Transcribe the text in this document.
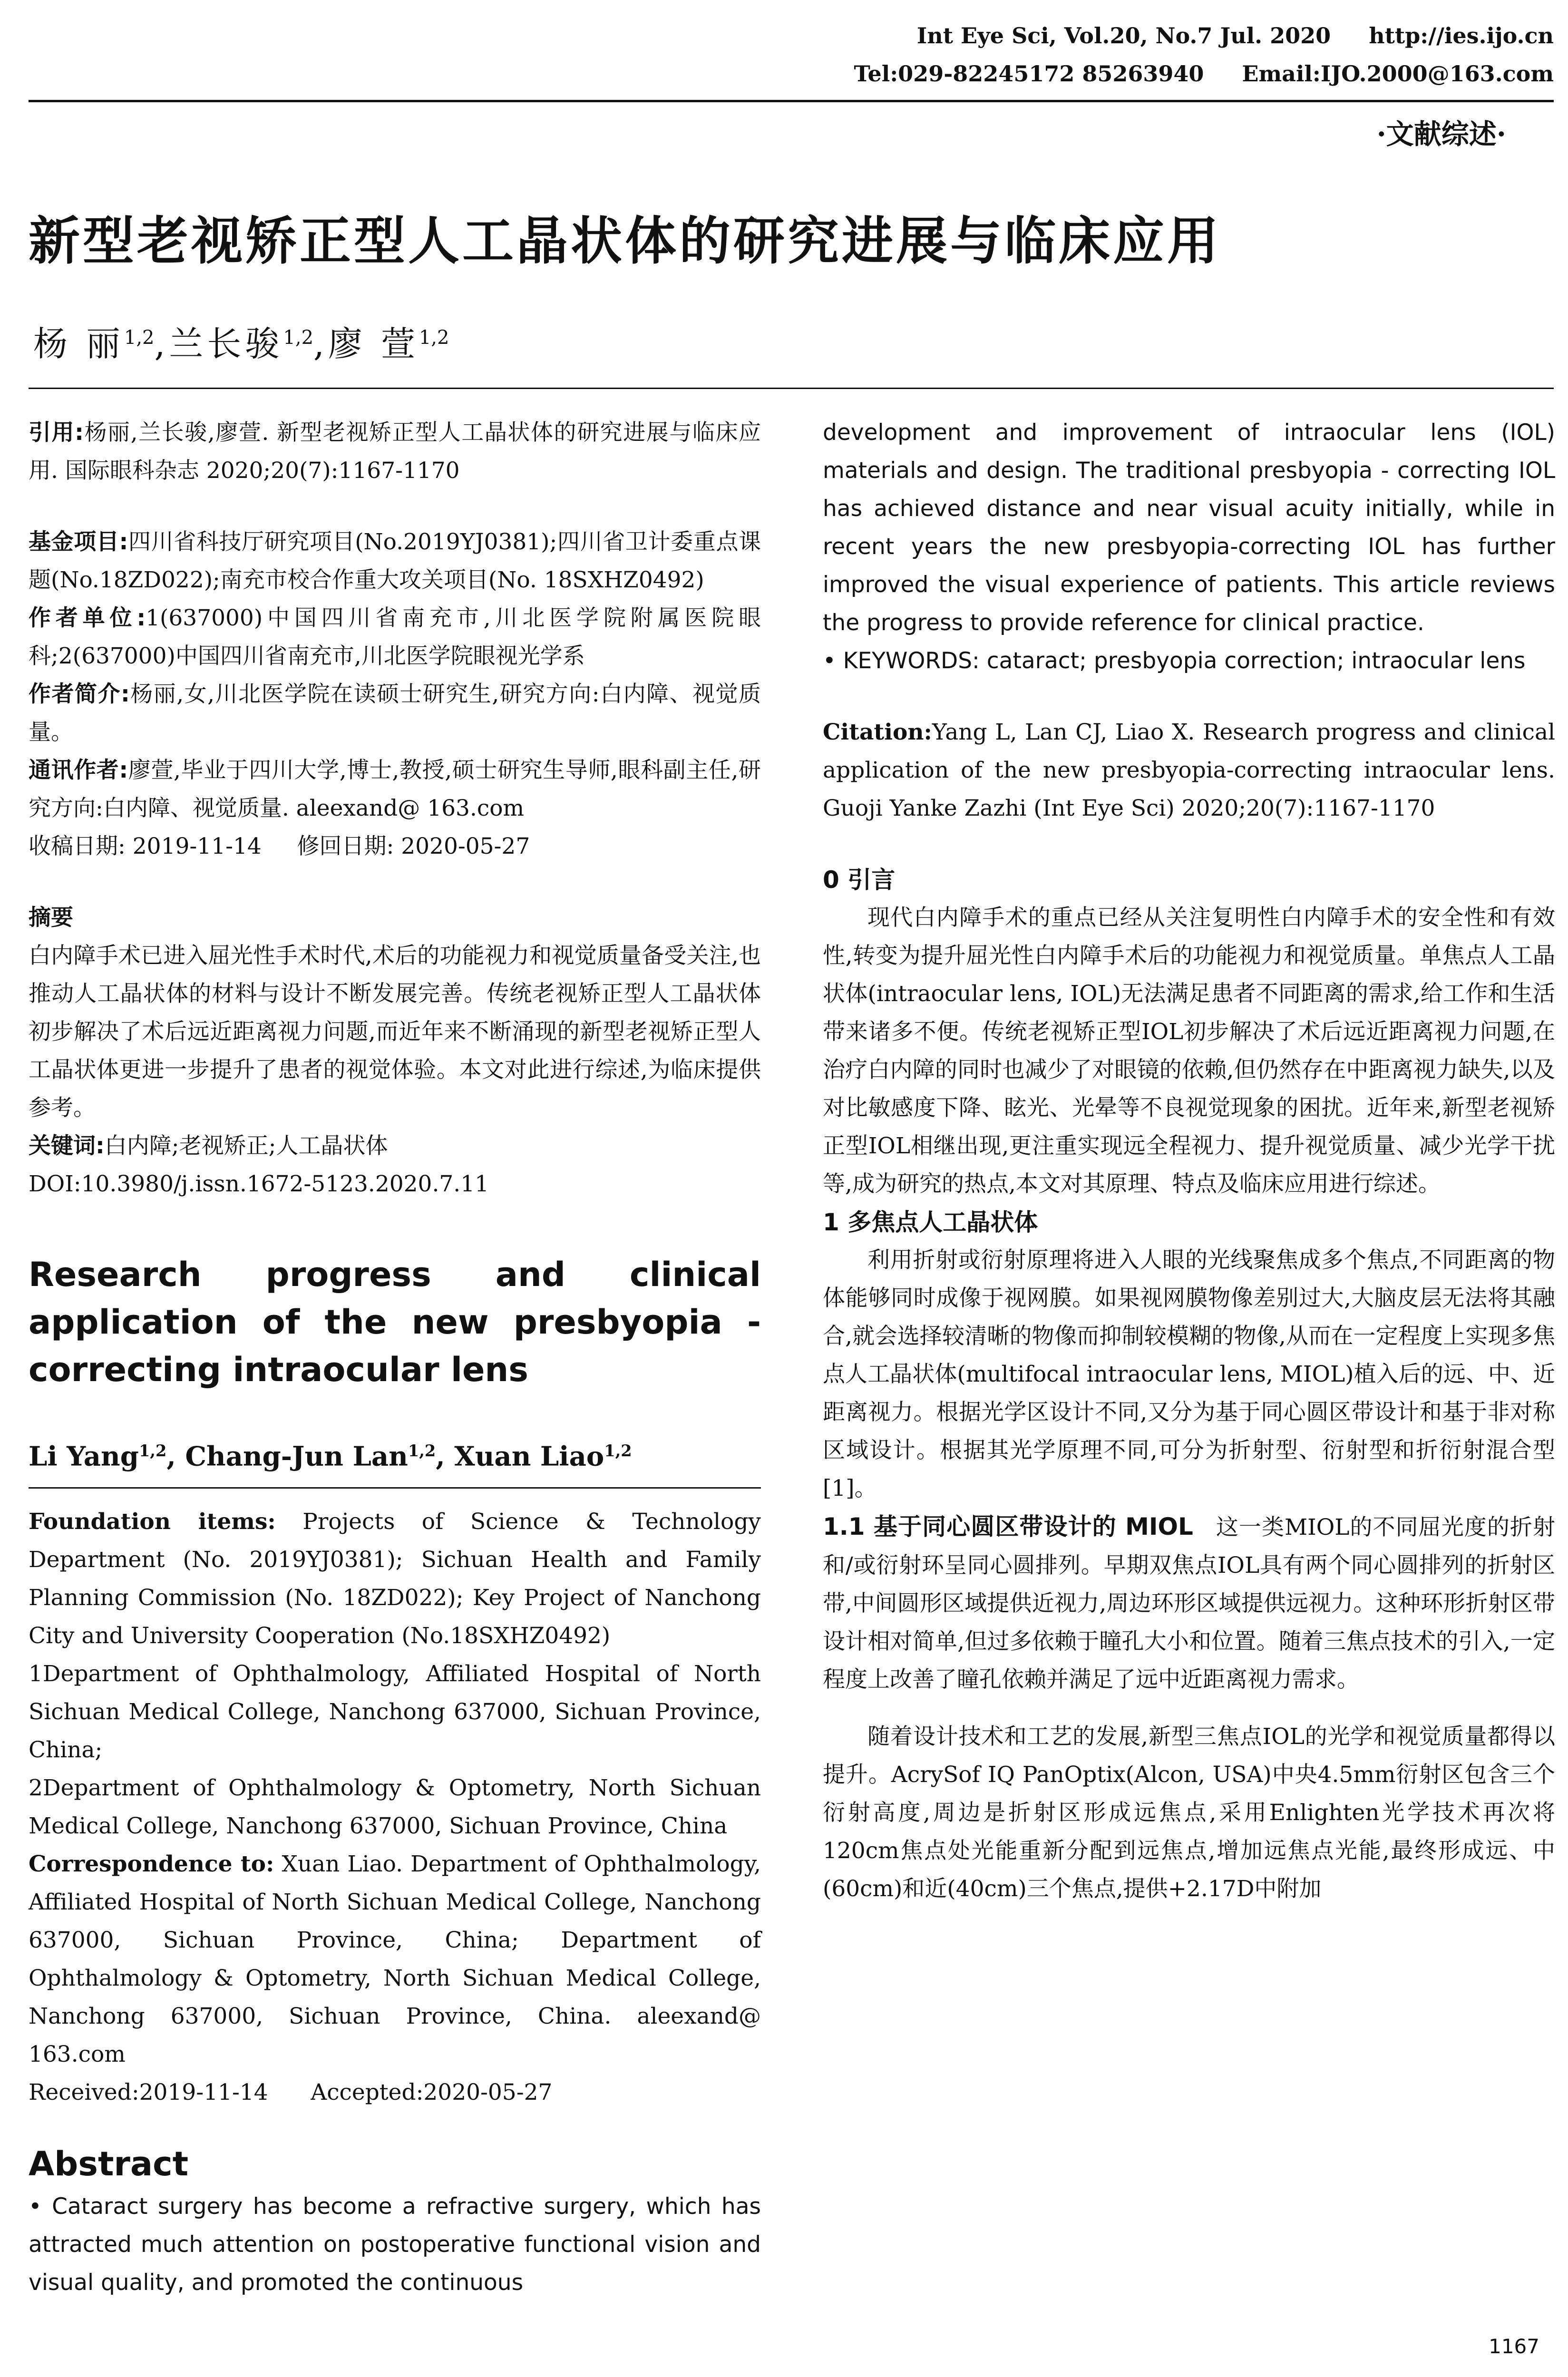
Int Eye Sci, Vol.20, No.7 Jul. 2020 http://ies.ijo.cn
Tel:029-82245172 85263940 Email:IJO.2000@163.com
·文献综述·
新型老视矫正型人工晶状体的研究进展与临床应用
杨 丽$^{1,2}$,兰长骏$^{1,2}$,廖 萱$^{1,2}$

引用:杨丽,兰长骏,廖萱. 新型老视矫正型人工晶状体的研究进展与临床应用. 国际眼科杂志 2020;20(7):1167-1170

基金项目:四川省科技厅研究项目(No.2019YJ0381);四川省卫计委重点课题(No.18ZD022);南充市校合作重大攻关项目(No. 18SXHZ0492)

作者单位:1(637000)中国四川省南充市,川北医学院附属医院眼科;2(637000)中国四川省南充市,川北医学院眼视光学系

作者简介:杨丽,女,川北医学院在读硕士研究生,研究方向:白内障、视觉质量。

通讯作者:廖萱,毕业于四川大学,博士,教授,硕士研究生导师,眼科副主任,研究方向:白内障、视觉质量. aleexand@ 163.com

收稿日期: 2019-11-14 修回日期: 2020-05-27

摘要

白内障手术已进入屈光性手术时代,术后的功能视力和视觉质量备受关注,也推动人工晶状体的材料与设计不断发展完善。传统老视矫正型人工晶状体初步解决了术后远近距离视力问题,而近年来不断涌现的新型老视矫正型人工晶状体更进一步提升了患者的视觉体验。本文对此进行综述,为临床提供参考。

关键词:白内障;老视矫正;人工晶状体

DOI:10.3980/j.issn.1672-5123.2020.7.11

Research progress and clinical application of the new presbyopia - correcting intraocular lens

Li Yang$^{1,2}$, Chang-Jun Lan$^{1,2}$, Xuan Liao$^{1,2}$

Foundation items: Projects of Science & Technology Department (No. 2019YJ0381); Sichuan Health and Family Planning Commission (No. 18ZD022); Key Project of Nanchong City and University Cooperation (No.18SXHZ0492)

1Department of Ophthalmology, Affiliated Hospital of North Sichuan Medical College, Nanchong 637000, Sichuan Province, China;

2Department of Ophthalmology & Optometry, North Sichuan Medical College, Nanchong 637000, Sichuan Province, China

Correspondence to: Xuan Liao. Department of Ophthalmology, Affiliated Hospital of North Sichuan Medical College, Nanchong 637000, Sichuan Province, China; Department of Ophthalmology & Optometry, North Sichuan Medical College, Nanchong 637000, Sichuan Province, China. aleexand@ 163.com

Received:2019-11-14 Accepted:2020-05-27

Abstract

• Cataract surgery has become a refractive surgery, which has attracted much attention on postoperative functional vision and visual quality, and promoted the continuous

development and improvement of intraocular lens (IOL) materials and design. The traditional presbyopia - correcting IOL has achieved distance and near visual acuity initially, while in recent years the new presbyopia-correcting IOL has further improved the visual experience of patients. This article reviews the progress to provide reference for clinical practice.

• KEYWORDS: cataract; presbyopia correction; intraocular lens

Citation:Yang L, Lan CJ, Liao X. Research progress and clinical application of the new presbyopia-correcting intraocular lens. Guoji Yanke Zazhi (Int Eye Sci) 2020;20(7):1167-1170

0 引言

现代白内障手术的重点已经从关注复明性白内障手术的安全性和有效性,转变为提升屈光性白内障手术后的功能视力和视觉质量。单焦点人工晶状体(intraocular lens, IOL)无法满足患者不同距离的需求,给工作和生活带来诸多不便。传统老视矫正型IOL初步解决了术后远近距离视力问题,在治疗白内障的同时也减少了对眼镜的依赖,但仍然存在中距离视力缺失,以及对比敏感度下降、眩光、光晕等不良视觉现象的困扰。近年来,新型老视矫正型IOL相继出现,更注重实现远全程视力、提升视觉质量、减少光学干扰等,成为研究的热点,本文对其原理、特点及临床应用进行综述。

1 多焦点人工晶状体

利用折射或衍射原理将进入人眼的光线聚焦成多个焦点,不同距离的物体能够同时成像于视网膜。如果视网膜物像差别过大,大脑皮层无法将其融合,就会选择较清晰的物像而抑制较模糊的物像,从而在一定程度上实现多焦点人工晶状体(multifocal intraocular lens, MIOL)植入后的远、中、近距离视力。根据光学区设计不同,又分为基于同心圆区带设计和基于非对称区域设计。根据其光学原理不同,可分为折射型、衍射型和折衍射混合型[1]。

1.1 基于同心圆区带设计的 MIOL 这一类MIOL的不同屈光度的折射和/或衍射环呈同心圆排列。早期双焦点IOL具有两个同心圆排列的折射区带,中间圆形区域提供近视力,周边环形区域提供远视力。这种环形折射区带设计相对简单,但过多依赖于瞳孔大小和位置。随着三焦点技术的引入,一定程度上改善了瞳孔依赖并满足了远中近距离视力需求。

随着设计技术和工艺的发展,新型三焦点IOL的光学和视觉质量都得以提升。AcrySof IQ PanOptix(Alcon, USA)中央4.5mm衍射区包含三个衍射高度,周边是折射区形成远焦点,采用Enlighten光学技术再次将120cm焦点处光能重新分配到远焦点,增加远焦点光能,最终形成远、中(60cm)和近(40cm)三个焦点,提供+2.17D中附加

1167
